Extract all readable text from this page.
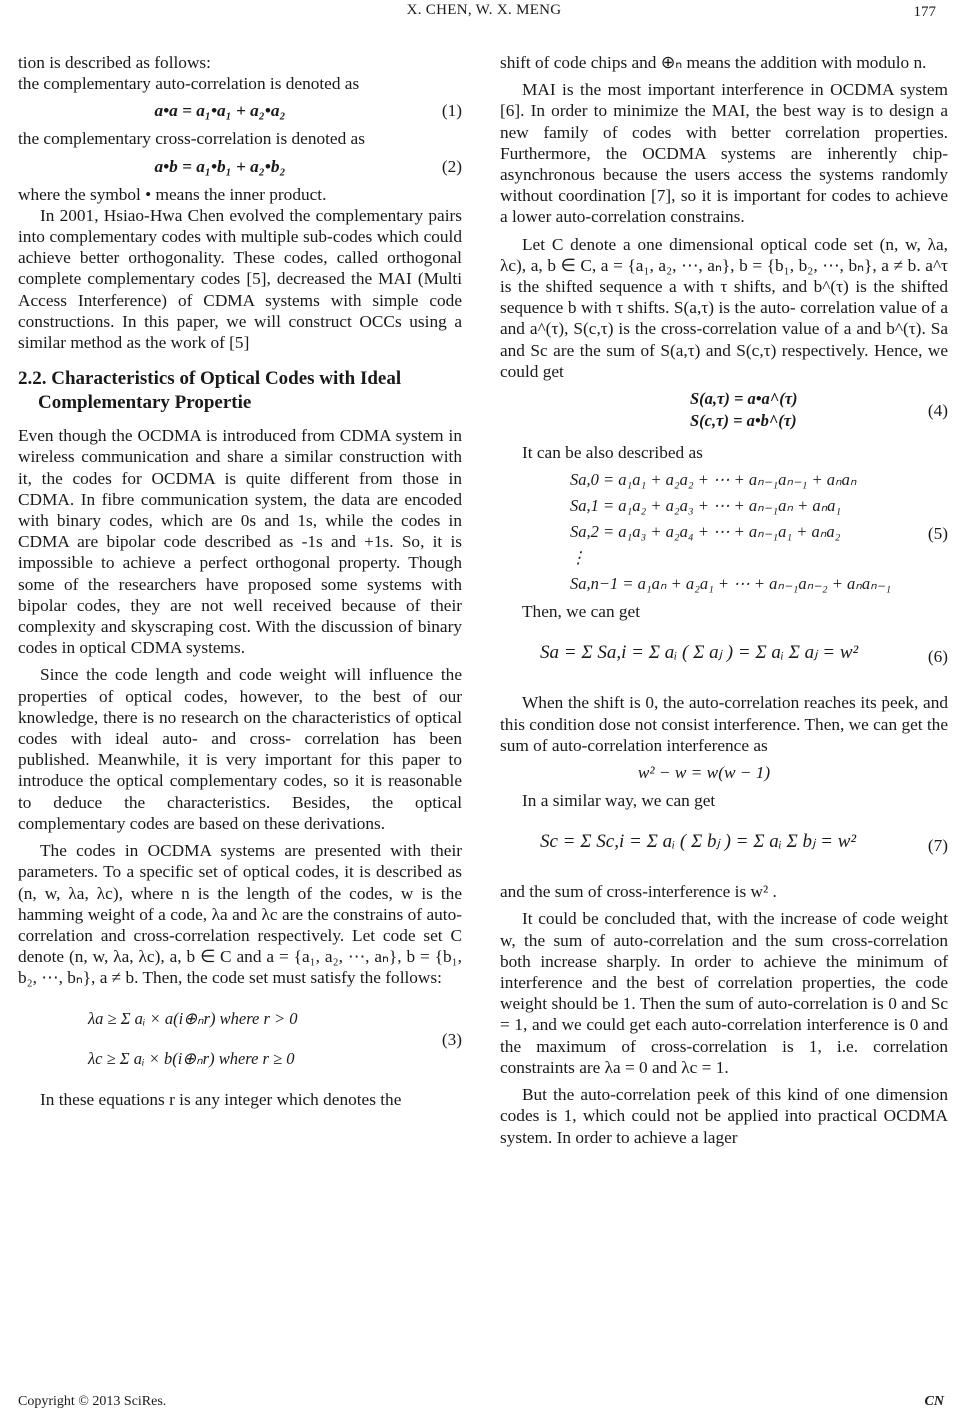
X. CHEN, W. X. MENG	177

tion is described as follows:

the complementary auto-correlation is denoted as

a•a = a₁•a₁ + a₂•a₂	(1)

the complementary cross-correlation is denoted as

a•b = a₁•b₁ + a₂•b₂	(2)

where the symbol • means the inner product.

In 2001, Hsiao-Hwa Chen evolved the complementary pairs into complementary codes with multiple sub-codes which could achieve better orthogonality. These codes, called orthogonal complete complementary codes [5], decreased the MAI (Multi Access Interference) of CDMA systems with simple code constructions. In this paper, we will construct OCCs using a similar method as the work of [5]

2.2. Characteristics of Optical Codes with Ideal
Complementary Propertie

Even though the OCDMA is introduced from CDMA system in wireless communication and share a similar construction with it, the codes for OCDMA is quite different from those in CDMA. In fibre communication system, the data are encoded with binary codes, which are 0s and 1s, while the codes in CDMA are bipolar code described as -1s and +1s. So, it is impossible to achieve a perfect orthogonal property. Though some of the researchers have proposed some systems with bipolar codes, they are not well received because of their complexity and skyscraping cost. With the discussion of binary codes in optical CDMA systems.

Since the code length and code weight will influence the properties of optical codes, however, to the best of our knowledge, there is no research on the characteristics of optical codes with ideal auto- and cross- correlation has been published. Meanwhile, it is very important for this paper to introduce the optical complementary codes, so it is reasonable to deduce the characteristics. Besides, the optical complementary codes are based on these derivations.

The codes in OCDMA systems are presented with their parameters. To a specific set of optical codes, it is described as (n, w, λa, λc), where n is the length of the codes, w is the hamming weight of a code, λa and λc are the constrains of auto-correlation and cross-correlation respectively. Let code set C denote (n, w, λa, λc), a, b ∈ C and a = {a₁, a₂, ⋯, aₙ}, b = {b₁, b₂, ⋯, bₙ}, a ≠ b. Then, the code set must satisfy the follows:

λa ≥ Σ aᵢ × a(i⊕ₙr) where r > 0
λc ≥ Σ aᵢ × b(i⊕ₙr) where r ≥ 0
(3)

In these equations r is any integer which denotes the

shift of code chips and ⊕ₙ means the addition with modulo n.

MAI is the most important interference in OCDMA system [6]. In order to minimize the MAI, the best way is to design a new family of codes with better correlation properties. Furthermore, the OCDMA systems are inherently chip-asynchronous because the users access the systems randomly without coordination [7], so it is important for codes to achieve a lower auto-correlation constrains.

Let C denote a one dimensional optical code set (n, w, λa, λc), a, b ∈ C, a = {a₁, a₂, ⋯, aₙ}, b = {b₁, b₂, ⋯, bₙ}, a ≠ b. a^τ is the shifted sequence a with τ shifts, and b^(τ) is the shifted sequence b with τ shifts. S(a,τ) is the auto- correlation value of a and a^(τ), S(c,τ) is the cross-correlation value of a and b^(τ). Sa and Sc are the sum of S(a,τ) and S(c,τ) respectively. Hence, we could get

S(a,τ) = a•a^(τ)
S(c,τ) = a•b^(τ)
(4)

It can be also described as

Sa,0 = a₁a₁ + a₂a₂ + ⋯ + aₙ₋₁aₙ₋₁ + aₙaₙ
Sa,1 = a₁a₂ + a₂a₃ + ⋯ + aₙ₋₁aₙ + aₙa₁
Sa,2 = a₁a₃ + a₂a₄ + ⋯ + aₙ₋₁a₁ + aₙa₂
⋮
Sa,n−1 = a₁aₙ + a₂a₁ + ⋯ + aₙ₋₁aₙ₋₂ + aₙaₙ₋₁
(5)

Then, we can get

Sa = Σ Sa,i = Σ aᵢ ( Σ aⱼ ) = Σ aᵢ Σ aⱼ = w²	(6)

When the shift is 0, the auto-correlation reaches its peek, and this condition dose not consist interference. Then, we can get the sum of auto-correlation interference as

w² − w = w(w − 1)

In a similar way, we can get

Sc = Σ Sc,i = Σ aᵢ ( Σ bⱼ ) = Σ aᵢ Σ bⱼ = w²	(7)

and the sum of cross-interference is w² .

It could be concluded that, with the increase of code weight w, the sum of auto-correlation and the sum cross-correlation both increase sharply. In order to achieve the minimum of interference and the best of correlation properties, the code weight should be 1. Then the sum of auto-correlation is 0 and Sc = 1, and we could get each auto-correlation interference is 0 and the maximum of cross-correlation is 1, i.e. correlation constraints are λa = 0 and λc = 1.

But the auto-correlation peek of this kind of one dimension codes is 1, which could not be applied into practical OCDMA system. In order to achieve a lager

Copyright © 2013 SciRes.	CN
